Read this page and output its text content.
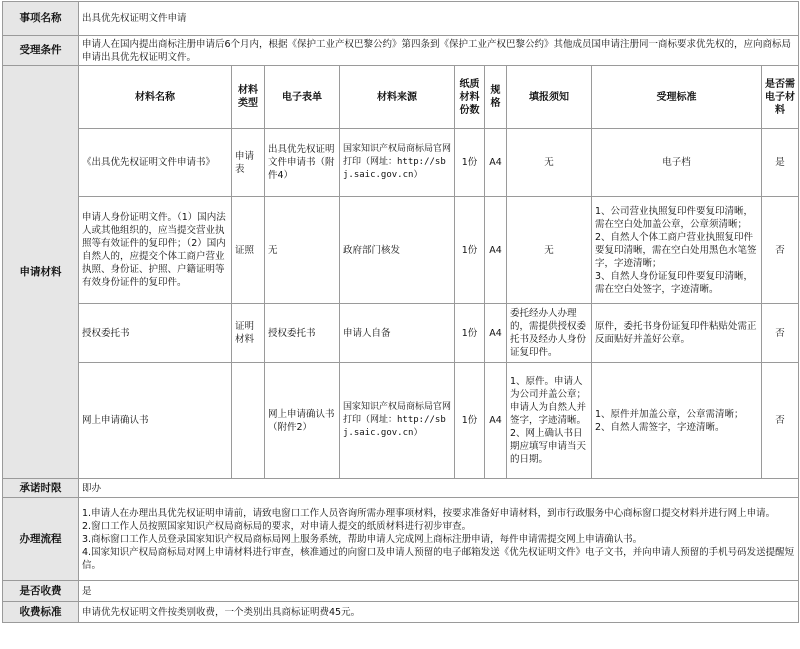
事项名称	出具优先权证明文件申请								
受理条件	申请人在国内提出商标注册申请后6个月内，根据《保护工业产权巴黎公约》第四条到《保护工业产权巴黎公约》其他成员国申请注册同一商标要求优先权的，应向商标局申请出具优先权证明文件。								
申请材料	材料名称	材料类型	电子表单	材料来源	纸质材料份数	规格	填报须知	受理标准	是否需电子材料
	《出具优先权证明文件申请书》	申请表	出具优先权证明文件申请书（附件4）	国家知识产权局商标局官网打印（网址：http://sbj.saic.gov.cn）	1份	A4	无	电子档	是
	申请人身份证明文件。（1）国内法人或其他组织的，应当提交营业执照等有效证件的复印件；（2）国内自然人的，应提交个体工商户营业执照、身份证、护照、户籍证明等有效身份证件的复印件。	证照	无	政府部门核发	1份	A4	无	1、公司营业执照复印件要复印清晰，需在空白处加盖公章，公章须清晰；
2、自然人个体工商户营业执照复印件要复印清晰，需在空白处用黑色水笔签字，字迹清晰；
3、自然人身份证复印件要复印清晰，需在空白处签字，字迹清晰。	否
	授权委托书	证明材料	授权委托书	申请人自备	1份	A4	委托经办人办理的，需提供授权委托书及经办人身份证复印件。	原件，委托书身份证复印件粘贴处需正反面贴好并盖好公章。	否
	网上申请确认书		网上申请确认书（附件2）	国家知识产权局商标局官网打印（网址：http://sbj.saic.gov.cn）	1份	A4	1、原件。申请人为公司并盖公章；申请人为自然人并签字，字迹清晰。
2、网上确认书日期应填写申请当天的日期。	1、原件并加盖公章，公章需清晰；
2、自然人需签字，字迹清晰。	否
承诺时限	即办								
办理流程	1.申请人在办理出具优先权证明申请前，请致电窗口工作人员咨询所需办理事项材料，按要求准备好申请材料，到市行政服务中心商标窗口提交材料并进行网上申请。
2.窗口工作人员按照国家知识产权局商标局的要求，对申请人提交的纸质材料进行初步审查。
3.商标窗口工作人员登录国家知识产权局商标局网上服务系统，帮助申请人完成网上商标注册申请，每件申请需提交网上申请确认书。
4.国家知识产权局商标局对网上申请材料进行审查，核准通过的向窗口及申请人预留的电子邮箱发送《优先权证明文件》电子文书，并向申请人预留的手机号码发送提醒短信。								

是否收费	是								
收费标准	申请优先权证明文件按类别收费，一个类别出具商标证明费45元。								
